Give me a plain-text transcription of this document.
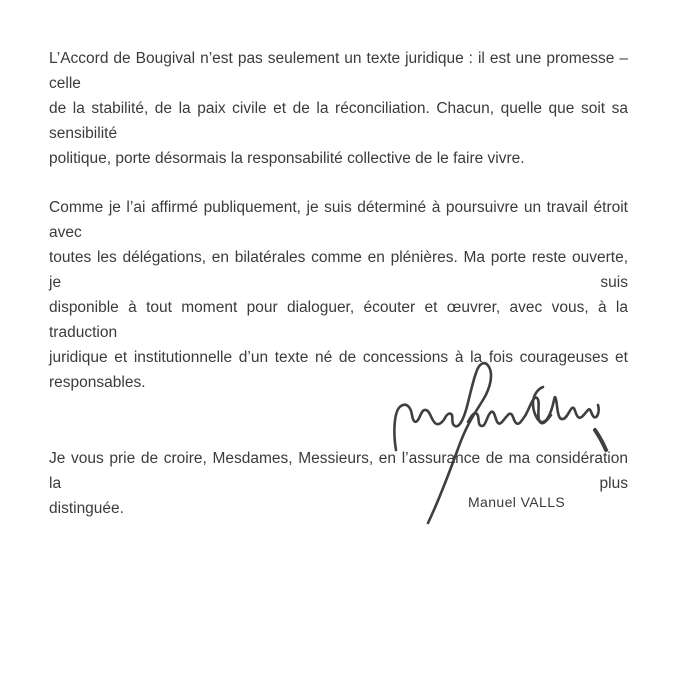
L’Accord de Bougival n’est pas seulement un texte juridique : il est une promesse – celle
de la stabilité, de la paix civile et de la réconciliation. Chacun, quelle que soit sa sensibilité
politique, porte désormais la responsabilité collective de le faire vivre.
Comme je l’ai affirmé publiquement, je suis déterminé à poursuivre un travail étroit avec
toutes les délégations, en bilatérales comme en plénières. Ma porte reste ouverte, je suis
disponible à tout moment pour dialoguer, écouter et œuvrer, avec vous, à la traduction
juridique et institutionnelle d’un texte né de concessions à la fois courageuses et
responsables.
Je vous prie de croire, Mesdames, Messieurs, en l’assurance de ma considération la plus
distinguée.	Manuel VALLS
